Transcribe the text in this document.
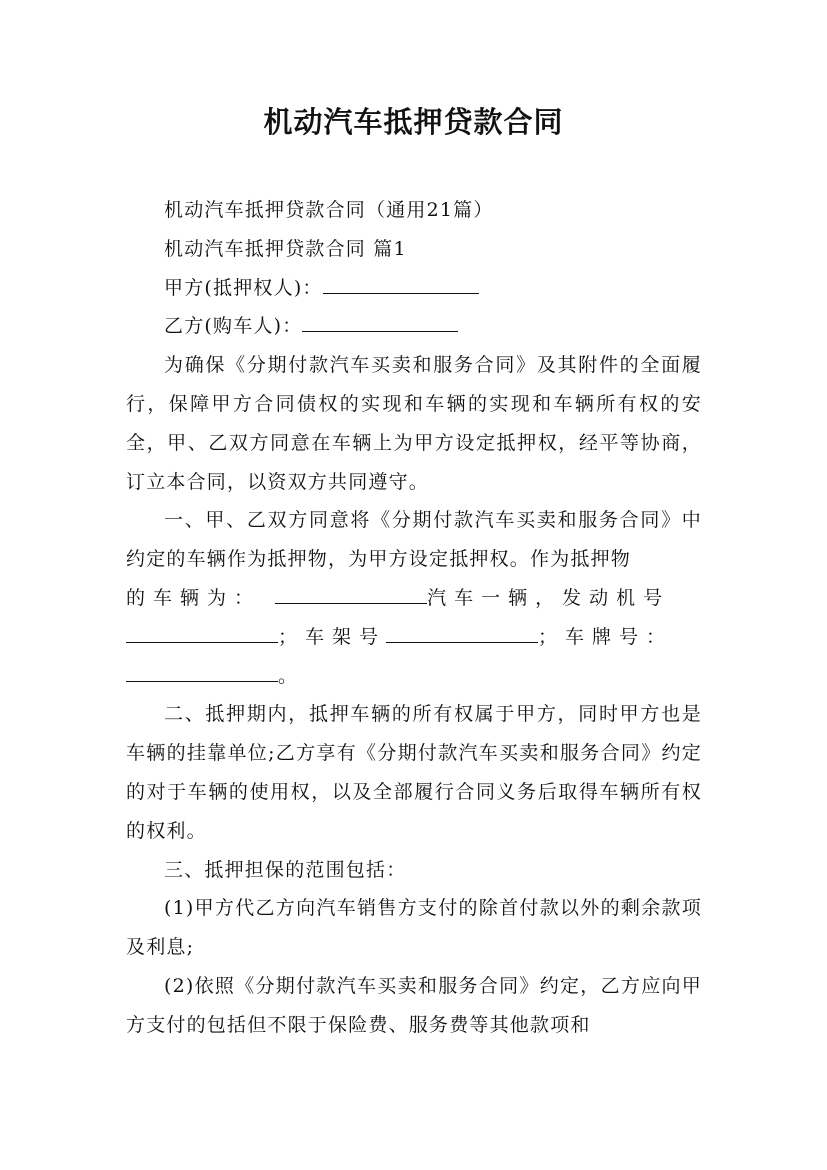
机动汽车抵押贷款合同

机动汽车抵押贷款合同（通用21篇）

机动汽车抵押贷款合同 篇1

甲方(抵押权人)：

乙方(购车人)：

为确保《分期付款汽车买卖和服务合同》及其附件的全面履行，保障甲方合同债权的实现和车辆的实现和车辆所有权的安全，甲、乙双方同意在车辆上为甲方设定抵押权，经平等协商，订立本合同，以资双方共同遵守。

一、甲、乙双方同意将《分期付款汽车买卖和服务合同》中约定的车辆作为抵押物，为甲方设定抵押权。作为抵押物

的车辆为：	汽车一辆，发动机号

；车架号	；车牌号：

。

二、抵押期内，抵押车辆的所有权属于甲方，同时甲方也是车辆的挂靠单位;乙方享有《分期付款汽车买卖和服务合同》约定的对于车辆的使用权，以及全部履行合同义务后取得车辆所有权的权利。

三、抵押担保的范围包括：

(1)甲方代乙方向汽车销售方支付的除首付款以外的剩余款项及利息;

(2)依照《分期付款汽车买卖和服务合同》约定，乙方应向甲方支付的包括但不限于保险费、服务费等其他款项和
